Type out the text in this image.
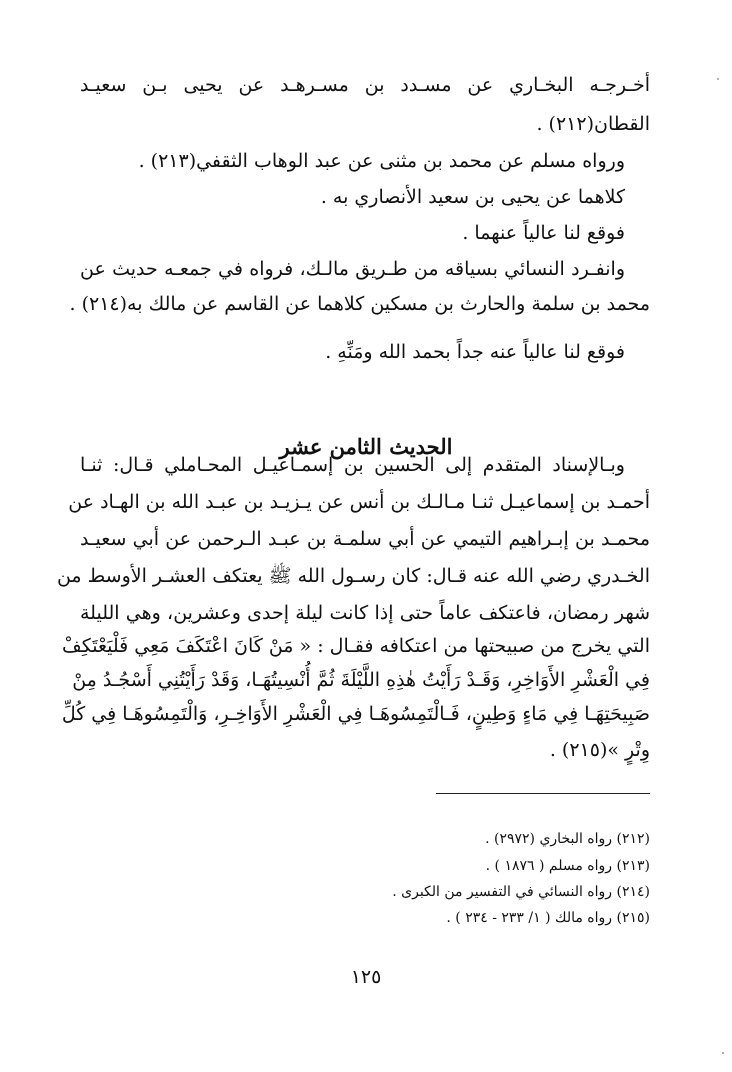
أخـرجـه البخـاري عن مسـدد بن مسـرهـد عن يحيى بـن سعيـد
القطان(٢١٢) .
ورواه مسلم عن محمد بن مثنى عن عبد الوهاب الثقفي(٢١٣) .
كلاهما عن يحيى بن سعيد الأنصاري به .
فوقع لنا عالياً عنهما .
وانفـرد النسائي بسياقه من طـريق مالـك، فرواه في جمعـه حديث عن
محمد بن سلمة والحارث بن مسكين كلاهما عن القاسم عن مالك به(٢١٤) .
فوقع لنا عالياً عنه جداً بحمد الله ومَنِّهِ .
الحديث الثامن عشر
وبـالإسناد المتقدم إلى الحسين بن إسمـاعيـل المحـاملي قـال: ثنـا
أحمـد بن إسماعيـل ثنـا مـالـك بن أنس عن يـزيـد بن عبـد الله بن الهـاد عن
محمـد بن إبـراهيم التيمي عن أبي سلمـة بن عبـد الـرحمن عن أبي سعيـد
الخـدري رضي الله عنه قـال: كان رسـول الله ﷺ يعتكف العشـر الأوسط من
شهر رمضان، فاعتكف عاماً حتى إذا كانت ليلة إحدى وعشرين، وهي الليلة
التي يخرج من صبيحتها من اعتكافه فقـال : « مَنْ كَانَ اعْتَكَفَ مَعِي فَلْيَعْتَكِفْ
فِي الْعَشْرِ الأَوَاخِرِ، وَقَـدْ رَأَيْتُ هٰذِهِ اللَّيْلَةَ ثُمَّ أُنْسِيتُهَـا، وَقَدْ رَأَيْتُنِي أَسْجُـدُ مِنْ
صَبِيحَتِهَـا فِي مَاءٍ وَطِينٍ، فَـالْتَمِسُوهَـا فِي الْعَشْرِ الأَوَاخِـرِ، وَالْتَمِسُوهَـا فِي كُلِّ
وِتْرٍ »(٢١٥) .
(٢١٢) رواه البخاري (٢٩٧٢) .
(٢١٣) رواه مسلم ( ١٨٧٦ ) .
(٢١٤) رواه النسائي في التفسير من الكبرى .
(٢١٥) رواه مالك ( ١/ ٢٣٣ - ٢٣٤ ) .
١٢٥
